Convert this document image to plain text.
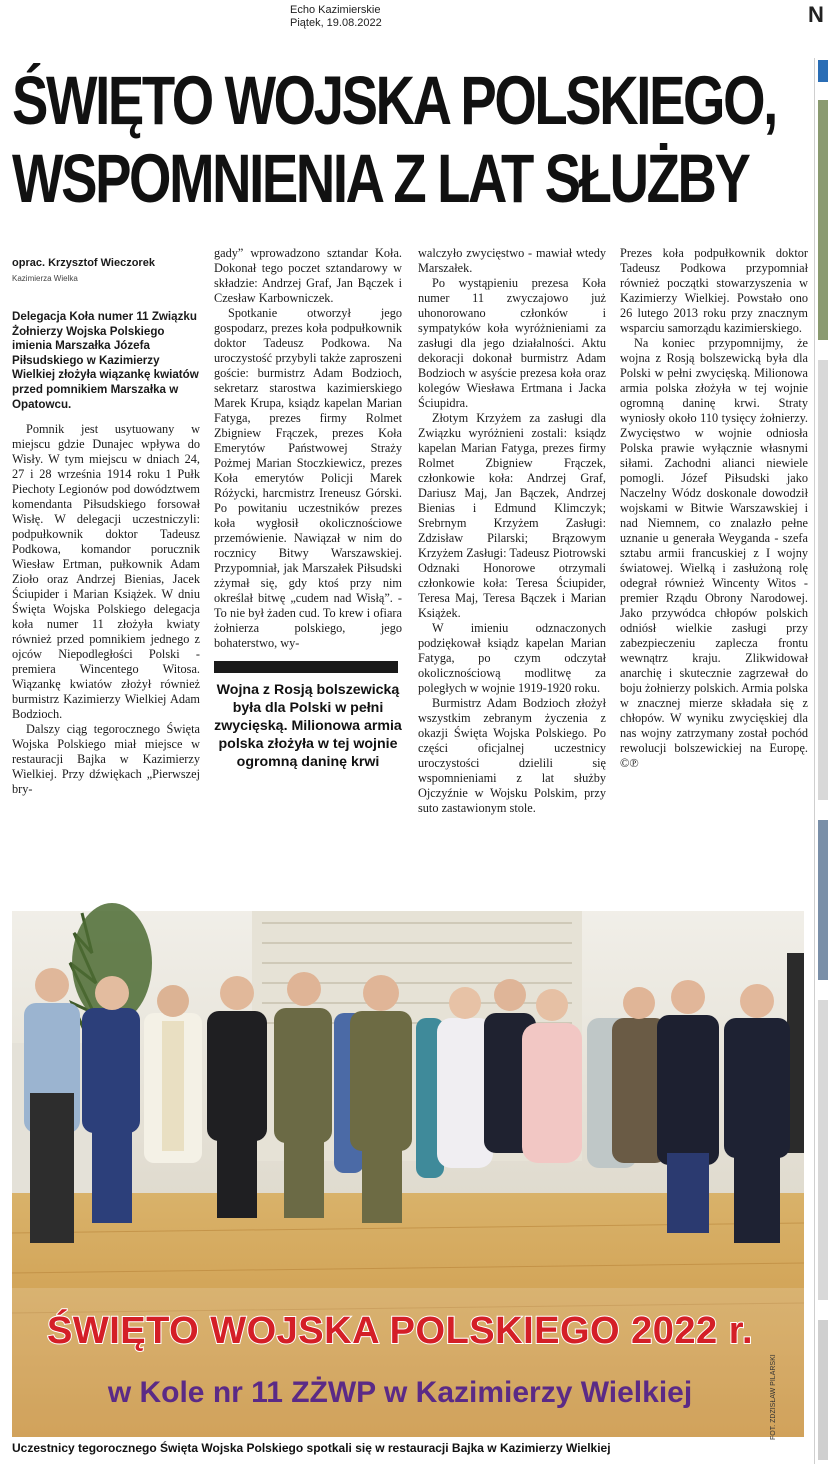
Echo Kazimierskie
Piątek, 19.08.2022	N
ŚWIĘTO WOJSKA POLSKIEGO,
WSPOMNIENIA Z LAT SŁUŻBY
oprac. Krzysztof Wieczorek
Kazimierza Wielka
Delegacja Koła numer 11 Związku Żołnierzy Wojska Polskiego imienia Marszałka Józefa Piłsudskiego w Kazimierzy Wielkiej złożyła wiązankę kwiatów przed pomnikiem Marszałka w Opatowcu.

Pomnik jest usytuowany w miejscu gdzie Dunajec wpływa do Wisły. W tym miejscu w dniach 24, 27 i 28 września 1914 roku 1 Pułk Piechoty Legionów pod dowództwem komendanta Piłsudskiego forsował Wisłę. W delegacji uczestniczyli: podpułkownik doktor Tadeusz Podkowa, komandor porucznik Wiesław Ertman, pułkownik Adam Zioło oraz Andrzej Bienias, Jacek Ściupider i Marian Książek. W dniu Święta Wojska Polskiego delegacja koła numer 11 złożyła kwiaty również przed pomnikiem jednego z ojców Niepodległości Polski - premiera Wincentego Witosa. Wiązankę kwiatów złożył również burmistrz Kazimierzy Wielkiej Adam Bodzioch.

Dalszy ciąg tegorocznego Święta Wojska Polskiego miał miejsce w restauracji Bajka w Kazimierzy Wielkiej. Przy dźwiękach „Pierwszej bry-

gady” wprowadzono sztandar Koła. Dokonał tego poczet sztandarowy w składzie: Andrzej Graf, Jan Bączek i Czesław Karbowniczek.

Spotkanie otworzył jego gospodarz, prezes koła podpułkownik doktor Tadeusz Podkowa. Na uroczystość przybyli także zaproszeni goście: burmistrz Adam Bodzioch, sekretarz starostwa kazimierskiego Marek Krupa, ksiądz kapelan Marian Fatyga, prezes firmy Rolmet Zbigniew Frączek, prezes Koła Emerytów Państwowej Straży Pożmej Marian Stoczkiewicz, prezes Koła emerytów Policji Marek Różycki, harcmistrz Ireneusz Górski. Po powitaniu uczestników prezes koła wygłosił okolicznościowe przemówienie. Nawiązał w nim do rocznicy Bitwy Warszawskiej. Przypomniał, jak Marszałek Piłsudski zżymał się, gdy ktoś przy nim określał bitwę „cudem nad Wisłą”. - To nie był żaden cud. To krew i ofiara żołnierza polskiego, jego bohaterstwo, wy-

Wojna z Rosją bolszewicką była dla Polski w pełni zwycięską. Milionowa armia polska złożyła w tej wojnie ogromną daninę krwi

walczyło zwycięstwo - mawiał wtedy Marszałek.

Po wystąpieniu prezesa Koła numer 11 zwyczajowo już uhonorowano członków i sympatyków koła wyróżnieniami za zasługi dla jego działalności. Aktu dekoracji dokonał burmistrz Adam Bodzioch w asyście prezesa koła oraz kolegów Wiesława Ertmana i Jacka Ściupidra.

Złotym Krzyżem za zasługi dla Związku wyróżnieni zostali: ksiądz kapelan Marian Fatyga, prezes firmy Rolmet Zbigniew Frączek, członkowie koła: Andrzej Graf, Dariusz Maj, Jan Bączek, Andrzej Bienias i Edmund Klimczyk; Srebrnym Krzyżem Zasługi: Zdzisław Pilarski; Brązowym Krzyżem Zasługi: Tadeusz Piotrowski Odznaki Honorowe otrzymali członkowie koła: Teresa Ściupider, Teresa Maj, Teresa Bączek i Marian Książek.

W imieniu odznaczonych podziękował ksiądz kapelan Marian Fatyga, po czym odczytał okolicznościową modlitwę za poległych w wojnie 1919-1920 roku.

Burmistrz Adam Bodzioch złożył wszystkim zebranym życzenia z okazji Święta Wojska Polskiego. Po części oficjalnej uczestnicy uroczystości dzielili się wspomnieniami z lat służby Ojczyźnie w Wojsku Polskim, przy suto zastawionym stole.

Prezes koła podpułkownik doktor Tadeusz Podkowa przypomniał również początki stowarzyszenia w Kazimierzy Wielkiej. Powstało ono 26 lutego 2013 roku przy znacznym wsparciu samorządu kazimierskiego.

Na koniec przypomnijmy, że wojna z Rosją bolszewicką była dla Polski w pełni zwycięską. Milionowa armia polska złożyła w tej wojnie ogromną daninę krwi. Straty wyniosły około 110 tysięcy żołnierzy. Zwycięstwo w wojnie odniosła Polska prawie wyłącznie własnymi siłami. Zachodni alianci niewiele pomogli. Józef Piłsudski jako Naczelny Wódz doskonale dowodził wojskami w Bitwie Warszawskiej i nad Niemnem, co znalazło pełne uznanie u generała Weyganda - szefa sztabu armii francuskiej z I wojny światowej. Wielką i zasłużoną rolę odegrał również Wincenty Witos - premier Rządu Obrony Narodowej. Jako przywódca chłopów polskich odniósł wielkie zasługi przy zabezpieczeniu zaplecza frontu wewnątrz kraju. Zlikwidował anarchię i skutecznie zagrzewał do boju żołnierzy polskich. Armia polska w znacznej mierze składała się z chłopów. W wyniku zwycięskiej dla nas wojny zatrzymany został pochód rewolucji bolszewickiej na Europę. ©℗

ŚWIĘTO WOJSKA POLSKIEGO 2022 r.
w Kole nr 11 ZŻWP w Kazimierzy Wielkiej	FOT. ZDZISŁAW PILARSKI
Uczestnicy tegorocznego Święta Wojska Polskiego spotkali się w restauracji Bajka w Kazimierzy Wielkiej
